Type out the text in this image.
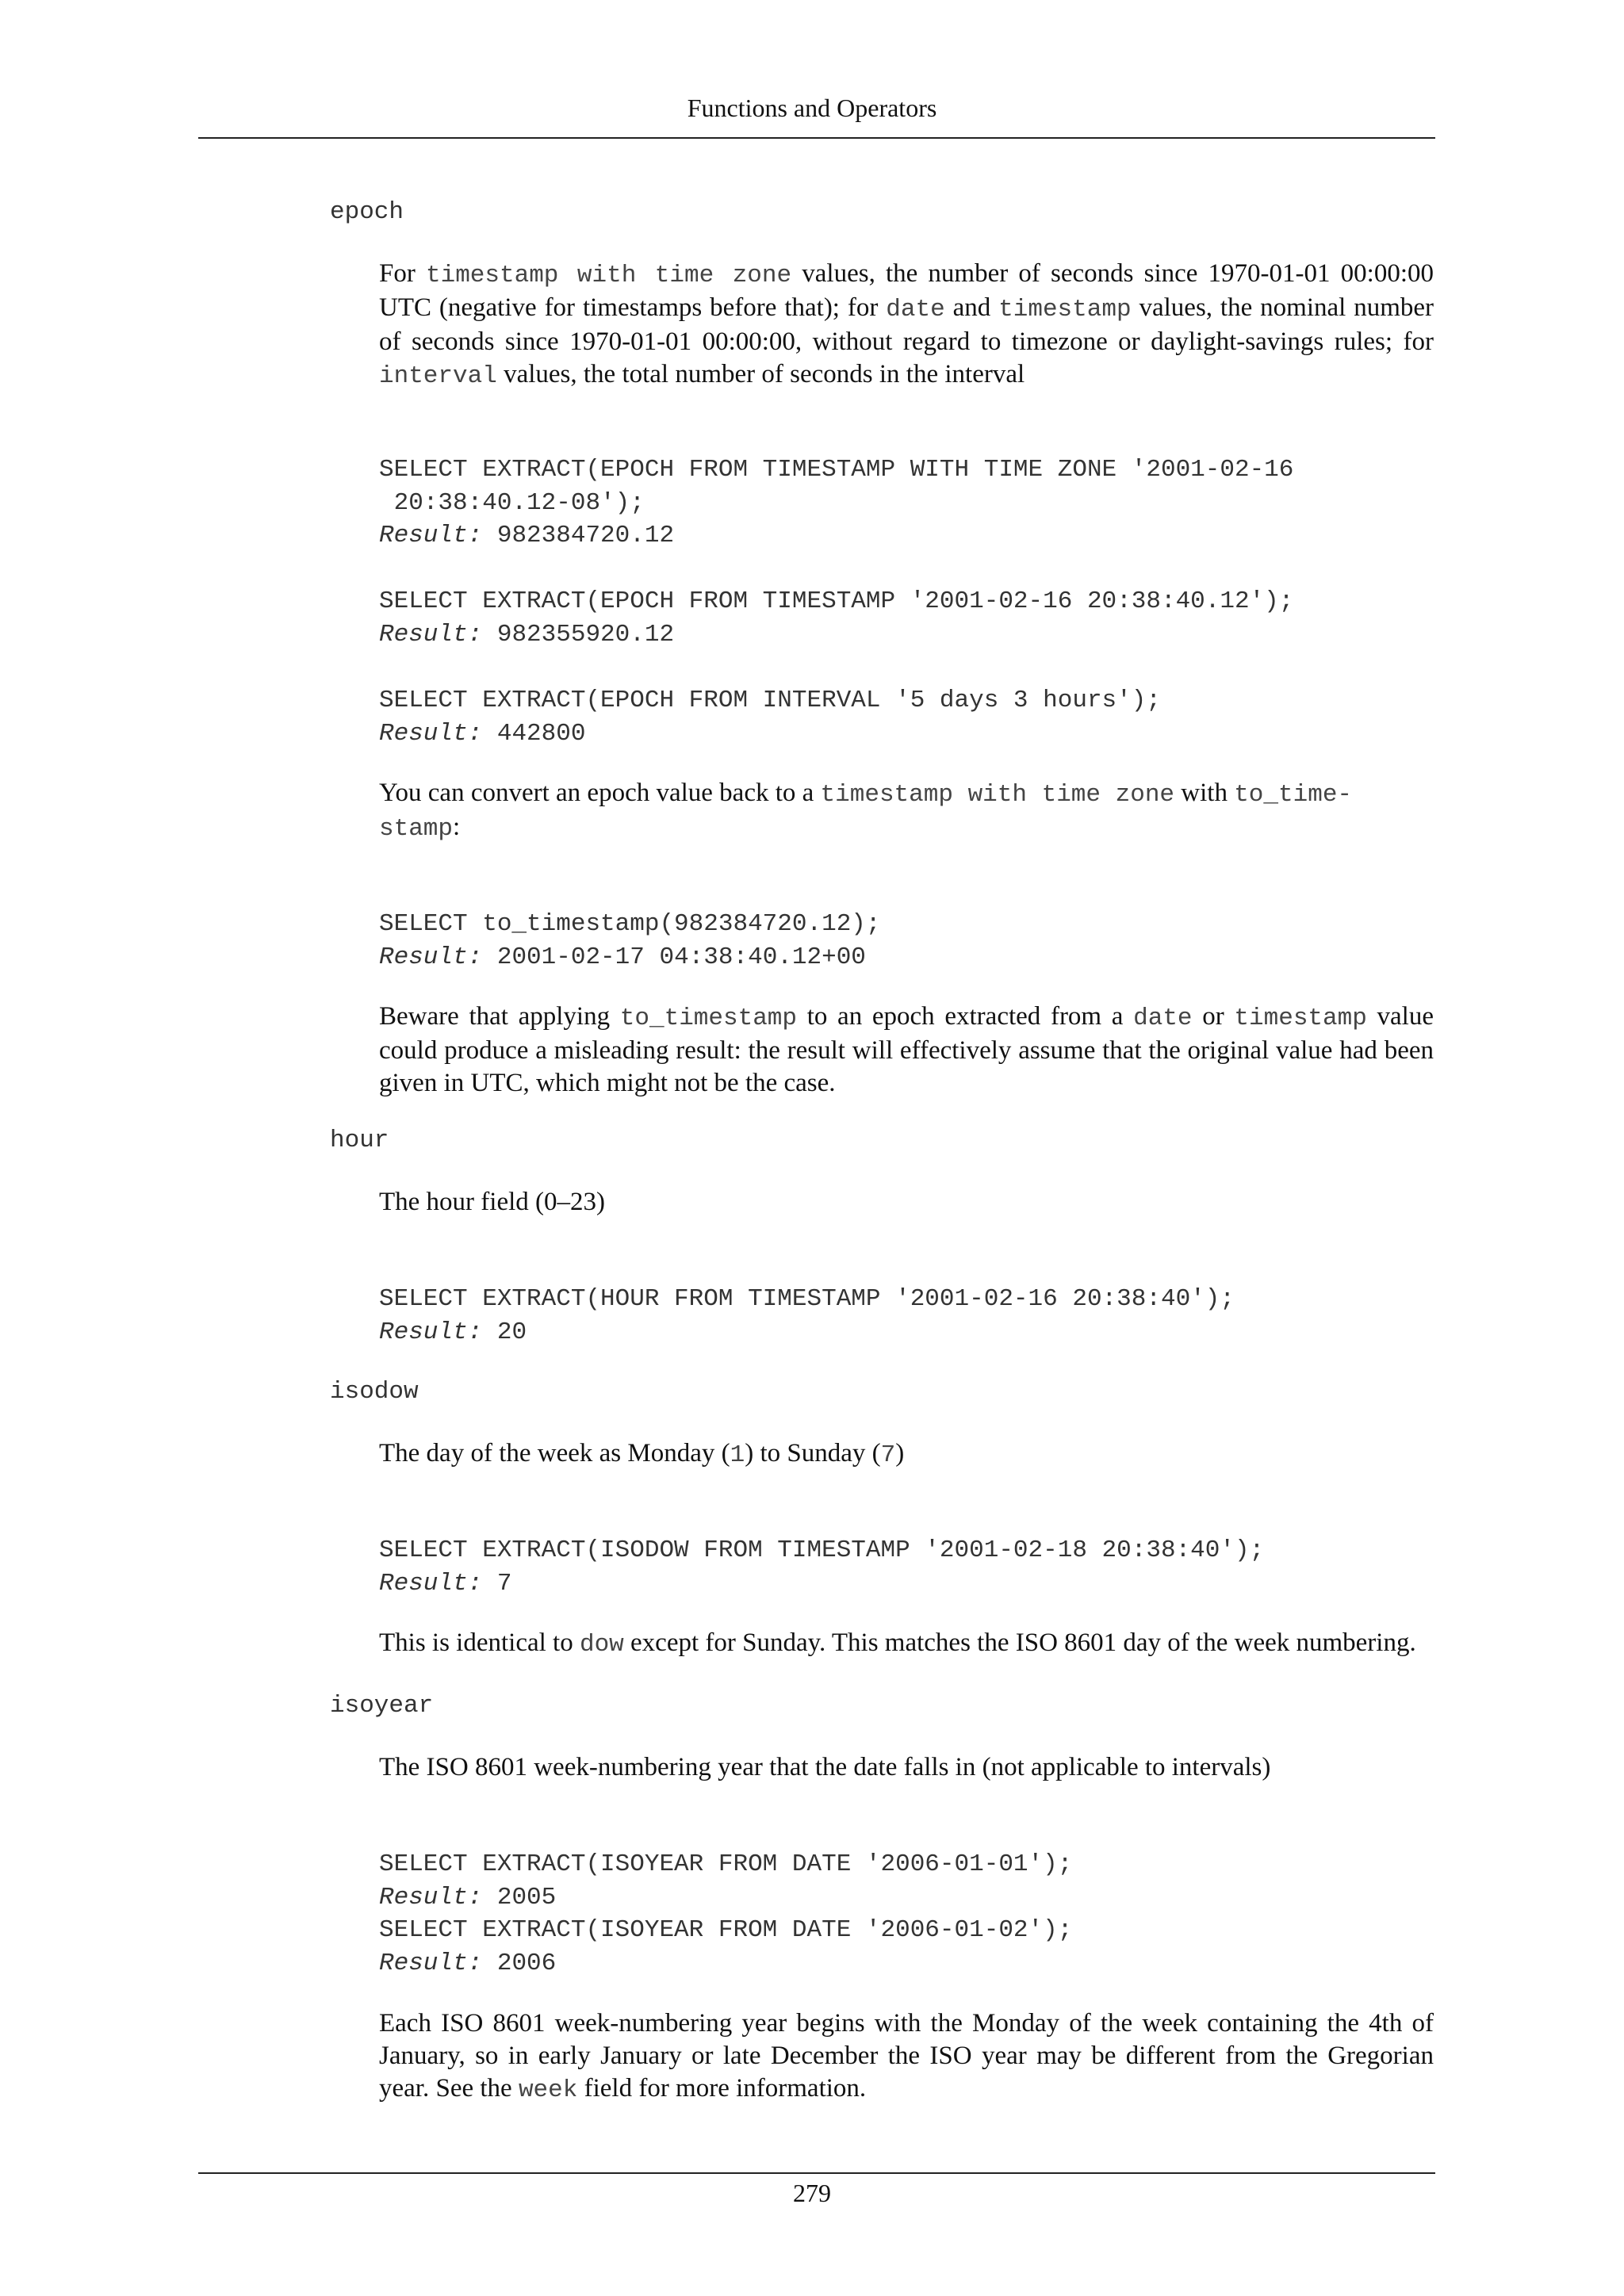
Functions and Operators
epoch
For timestamp with time zone values, the number of seconds since 1970-01-01 00:00:00 UTC (negative for timestamps before that); for date and timestamp values, the nominal number of seconds since 1970-01-01 00:00:00, without regard to timezone or daylight-savings rules; for interval values, the total number of seconds in the interval
SELECT EXTRACT(EPOCH FROM TIMESTAMP WITH TIME ZONE '2001-02-16
20:38:40.12-08');
Result: 982384720.12
SELECT EXTRACT(EPOCH FROM TIMESTAMP '2001-02-16 20:38:40.12');
Result: 982355920.12
SELECT EXTRACT(EPOCH FROM INTERVAL '5 days 3 hours');
Result: 442800
You can convert an epoch value back to a timestamp with time zone with to_time-
stamp:
SELECT to_timestamp(982384720.12);
Result: 2001-02-17 04:38:40.12+00
Beware that applying to_timestamp to an epoch extracted from a date or timestamp value could produce a misleading result: the result will effectively assume that the original value had been given in UTC, which might not be the case.
hour
The hour field (0–23)
SELECT EXTRACT(HOUR FROM TIMESTAMP '2001-02-16 20:38:40');
Result: 20
isodow
The day of the week as Monday (1) to Sunday (7)
SELECT EXTRACT(ISODOW FROM TIMESTAMP '2001-02-18 20:38:40');
Result: 7
This is identical to dow except for Sunday. This matches the ISO 8601 day of the week numbering.
isoyear
The ISO 8601 week-numbering year that the date falls in (not applicable to intervals)
SELECT EXTRACT(ISOYEAR FROM DATE '2006-01-01');
Result: 2005
SELECT EXTRACT(ISOYEAR FROM DATE '2006-01-02');
Result: 2006
Each ISO 8601 week-numbering year begins with the Monday of the week containing the 4th of January, so in early January or late December the ISO year may be different from the Gregorian year. See the week field for more information.
279
